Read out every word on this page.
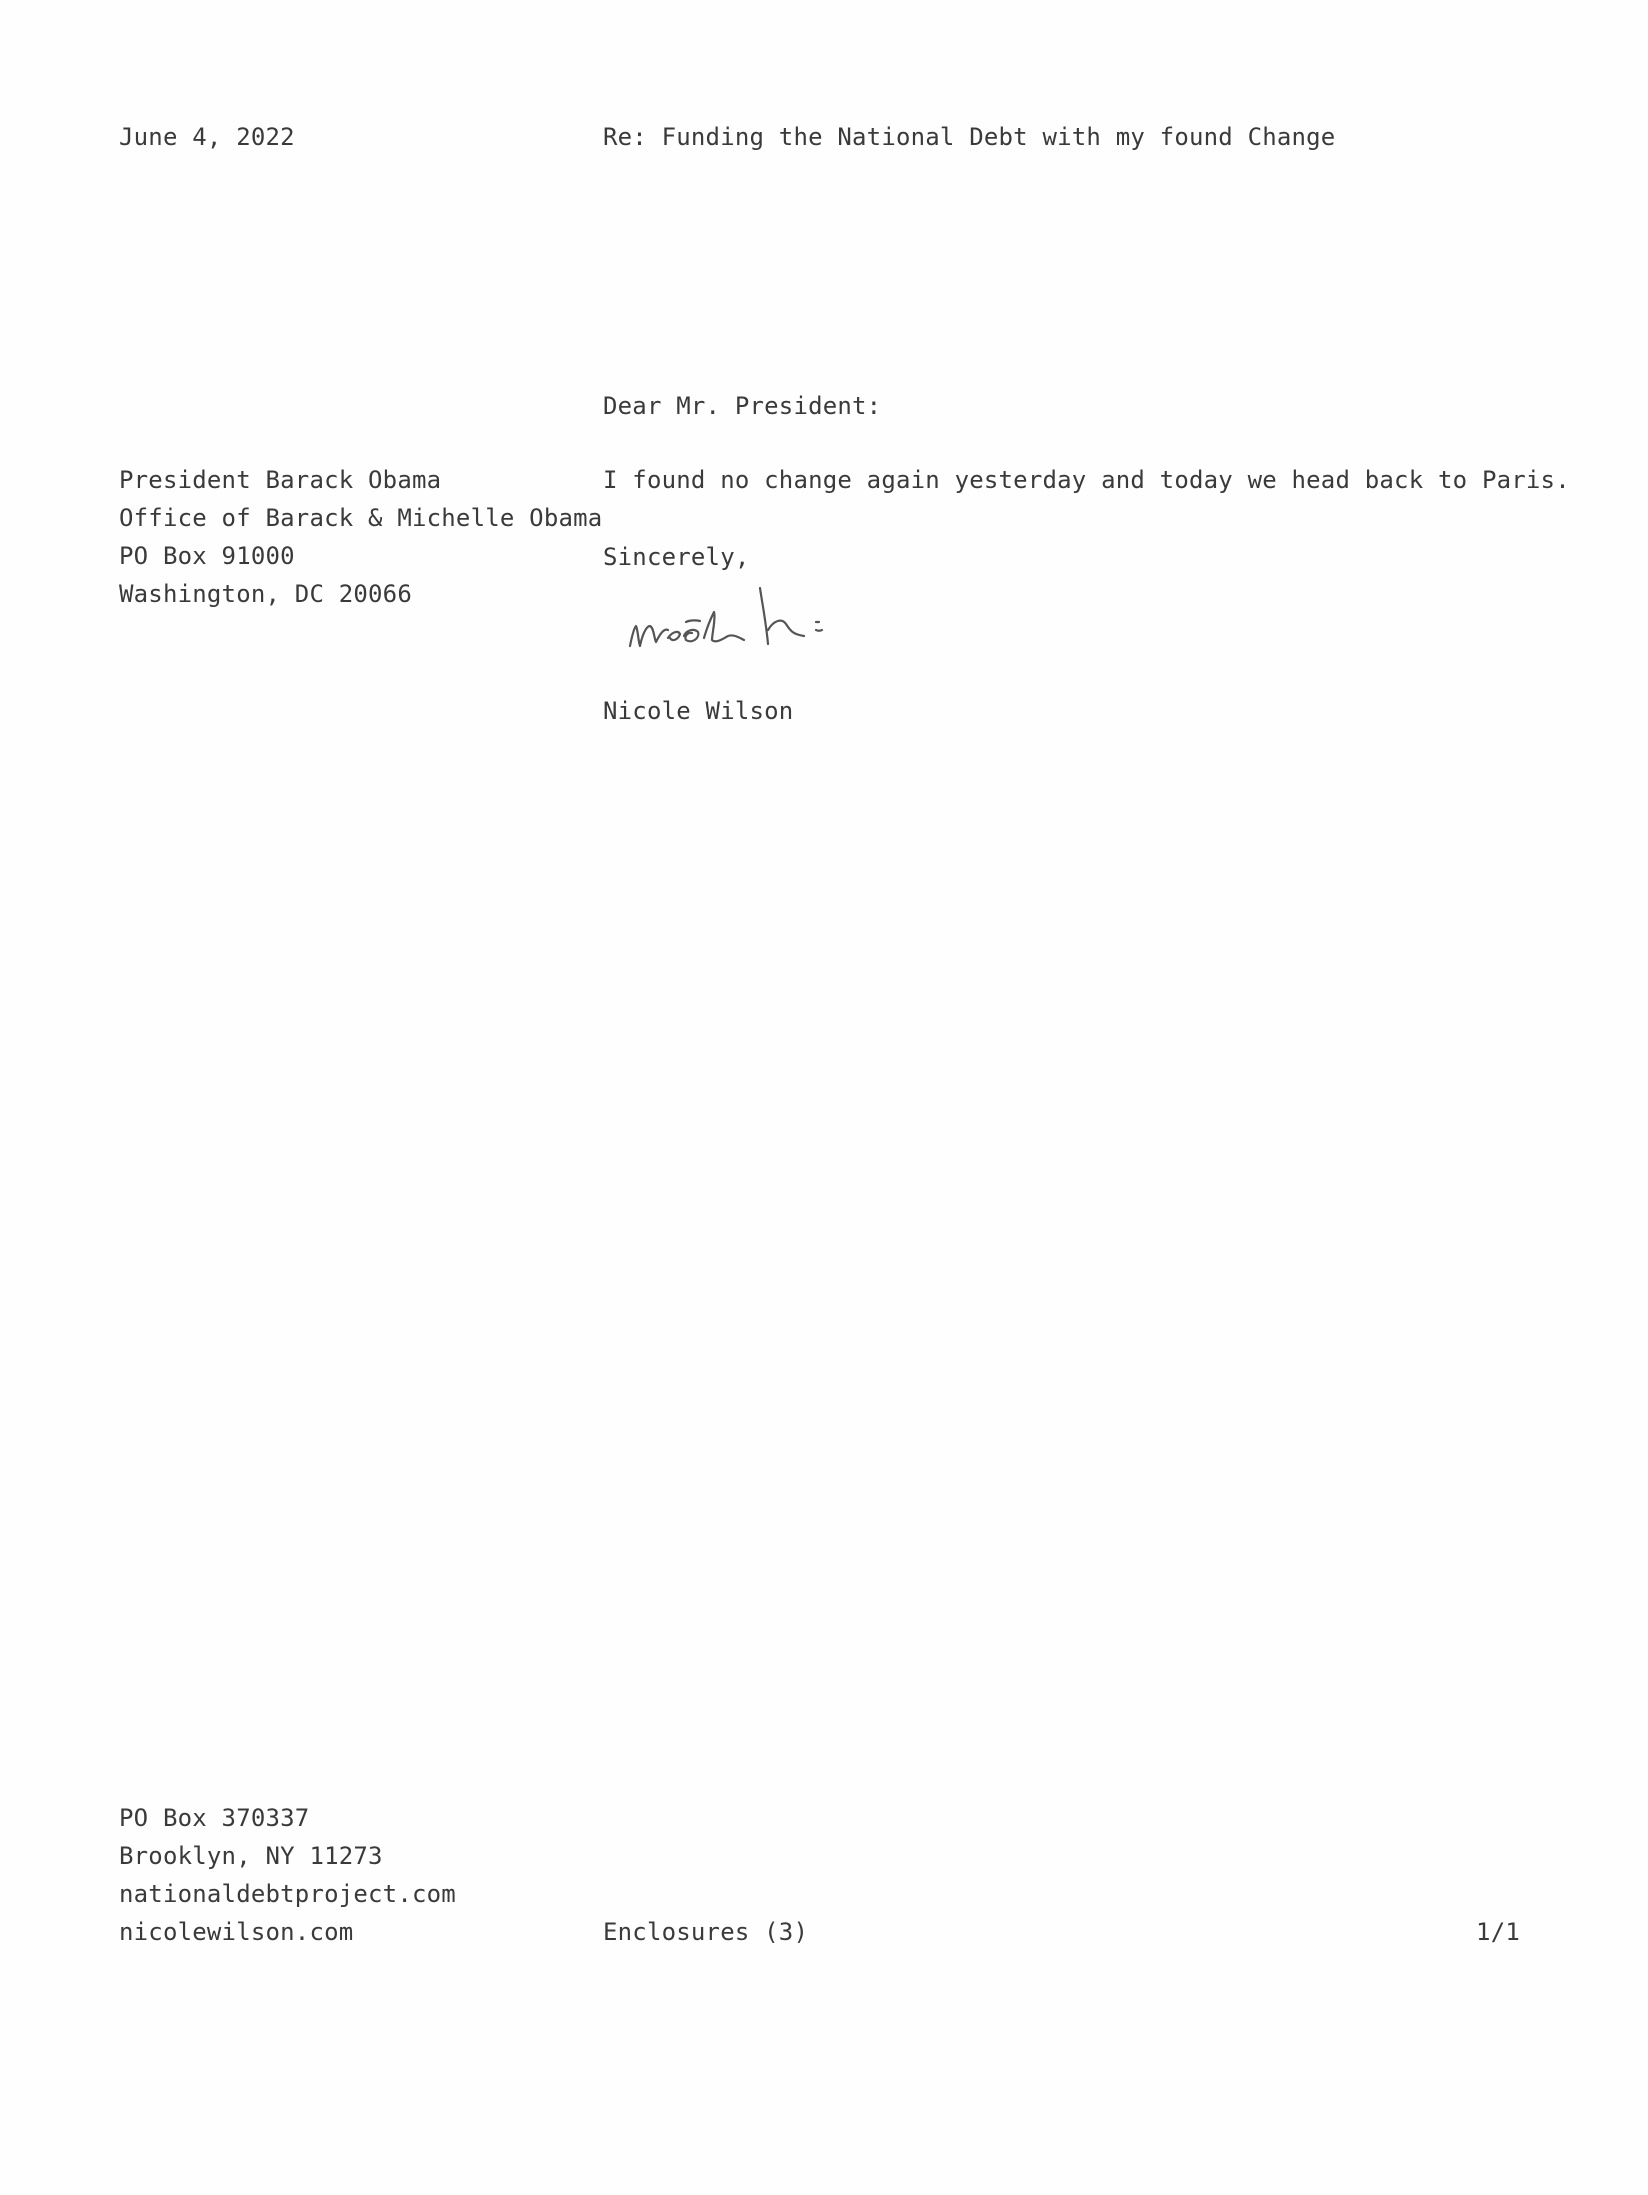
June 4, 2022	Re: Funding the National Debt with my found Change
Dear Mr. President:
President Barack Obama
Office of Barack & Michelle Obama
PO Box 91000
Washington, DC 20066
I found no change again yesterday and today we head back to Paris.
Sincerely,
Nicole Wilson
PO Box 370337
Brooklyn, NY 11273
nationaldebtproject.com
nicolewilson.com	Enclosures (3)	1/1
